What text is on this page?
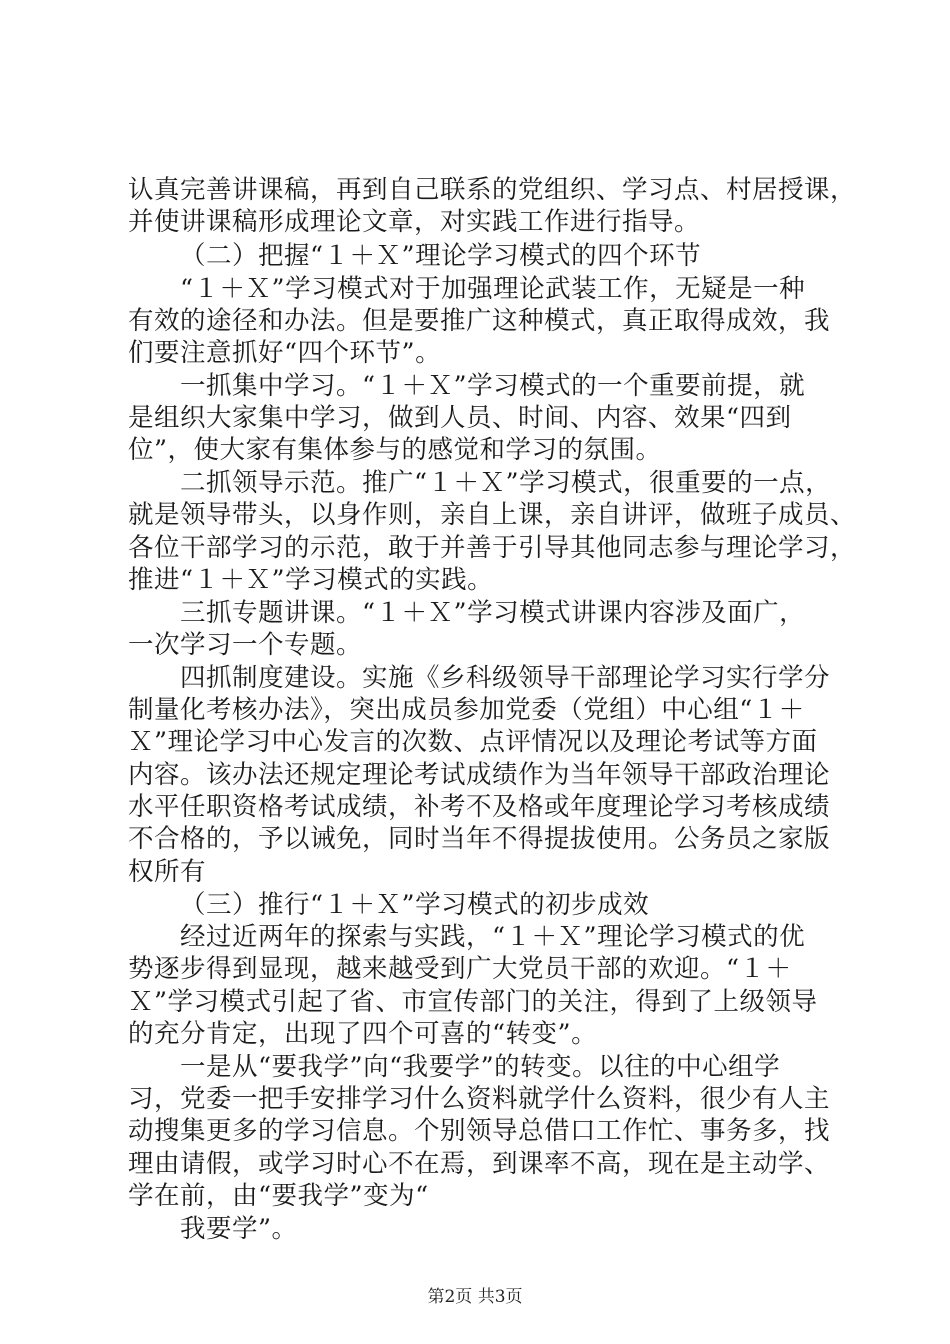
认真完善讲课稿，再到自己联系的党组织、学习点、村居授课，
并使讲课稿形成理论文章，对实践工作进行指导。
（二）把握“１＋Ｘ”理论学习模式的四个环节
“１＋Ｘ”学习模式对于加强理论武装工作，无疑是一种
有效的途径和办法。但是要推广这种模式，真正取得成效，我
们要注意抓好“四个环节”。
一抓集中学习。“１＋Ｘ”学习模式的一个重要前提，就
是组织大家集中学习，做到人员、时间、内容、效果“四到
位”，使大家有集体参与的感觉和学习的氛围。
二抓领导示范。推广“１＋Ｘ”学习模式，很重要的一点，
就是领导带头，以身作则，亲自上课，亲自讲评，做班子成员、
各位干部学习的示范，敢于并善于引导其他同志参与理论学习，
推进“１＋Ｘ”学习模式的实践。
三抓专题讲课。“１＋Ｘ”学习模式讲课内容涉及面广，
一次学习一个专题。
四抓制度建设。实施《乡科级领导干部理论学习实行学分
制量化考核办法》，突出成员参加党委（党组）中心组“１＋
Ｘ”理论学习中心发言的次数、点评情况以及理论考试等方面
内容。该办法还规定理论考试成绩作为当年领导干部政治理论
水平任职资格考试成绩，补考不及格或年度理论学习考核成绩
不合格的，予以诫免，同时当年不得提拔使用。公务员之家版
权所有
（三）推行“１＋Ｘ”学习模式的初步成效
经过近两年的探索与实践，“１＋Ｘ”理论学习模式的优
势逐步得到显现，越来越受到广大党员干部的欢迎。“１＋
Ｘ”学习模式引起了省、市宣传部门的关注，得到了上级领导
的充分肯定，出现了四个可喜的“转变”。
一是从“要我学”向“我要学”的转变。以往的中心组学
习，党委一把手安排学习什么资料就学什么资料，很少有人主
动搜集更多的学习信息。个别领导总借口工作忙、事务多，找
理由请假，或学习时心不在焉，到课率不高，现在是主动学、
学在前，由“要我学”变为“
我要学”。
第2页 共3页
